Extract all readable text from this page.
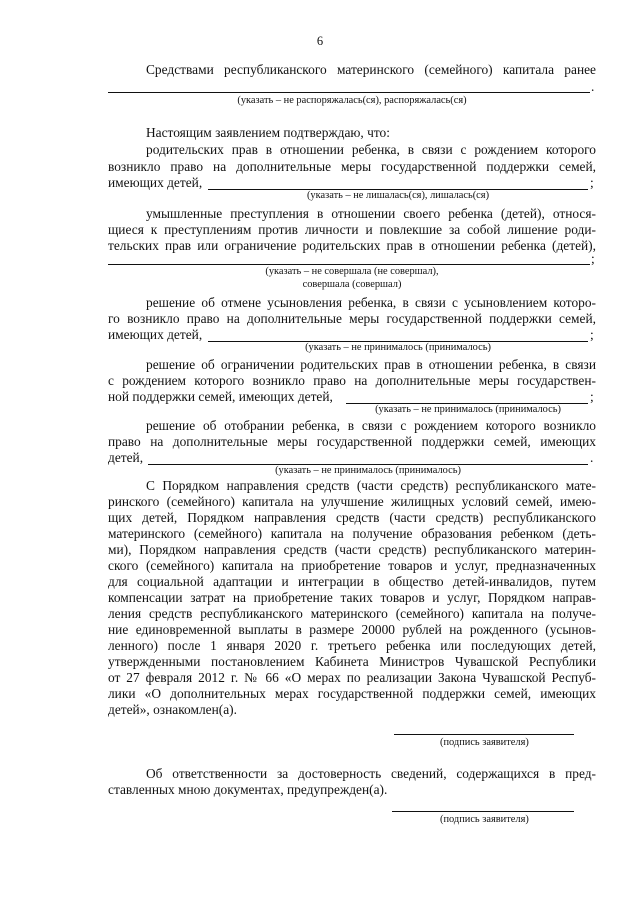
6
Средствами республиканского материнского (семейного) капитала ранее
.
(указать – не распоряжалась(ся), распоряжалась(ся)
Настоящим заявлением подтверждаю, что:
родительских прав в отношении ребенка, в связи с рождением которого
возникло право на дополнительные меры государственной поддержки семей,
имеющих детей,	;
(указать – не лишалась(ся), лишалась(ся)
умышленные преступления в отношении своего ребенка (детей), относя-
щиеся к преступлениям против личности и повлекшие за собой лишение роди-
тельских прав или ограничение родительских прав в отношении ребенка (детей),
;
(указать – не совершала (не совершал),
совершала (совершал)
решение об отмене усыновления ребенка, в связи с усыновлением которо-
го возникло право на дополнительные меры государственной поддержки семей,
имеющих детей,	;
(указать – не принималось (принималось)
решение об ограничении родительских прав в отношении ребенка, в связи
с рождением которого возникло право на дополнительные меры государствен-
ной поддержки семей, имеющих детей,	;
(указать – не принималось (принималось)
решение об отобрании ребенка, в связи с рождением которого возникло
право на дополнительные меры государственной поддержки семей, имеющих
детей,	.
(указать – не принималось (принималось)
С Порядком направления средств (части средств) республиканского мате-
ринского (семейного) капитала на улучшение жилищных условий семей, имею-
щих детей, Порядком направления средств (части средств) республиканского
материнского (семейного) капитала на получение образования ребенком (деть-
ми), Порядком направления средств (части средств) республиканского материн-
ского (семейного) капитала на приобретение товаров и услуг, предназначенных
для социальной адаптации и интеграции в общество детей-инвалидов, путем
компенсации затрат на приобретение таких товаров и услуг, Порядком направ-
ления средств республиканского материнского (семейного) капитала на получе-
ние единовременной выплаты в размере 20000 рублей на рожденного (усынов-
ленного) после 1 января 2020 г. третьего ребенка или последующих детей,
утвержденными постановлением Кабинета Министров Чувашской Республики
от 27 февраля 2012 г. № 66 «О мерах по реализации Закона Чувашской Респуб-
лики «О дополнительных мерах государственной поддержки семей, имеющих
детей», ознакомлен(а).
(подпись заявителя)
Об ответственности за достоверность сведений, содержащихся в пред-
ставленных мною документах, предупрежден(а).
(подпись заявителя)
